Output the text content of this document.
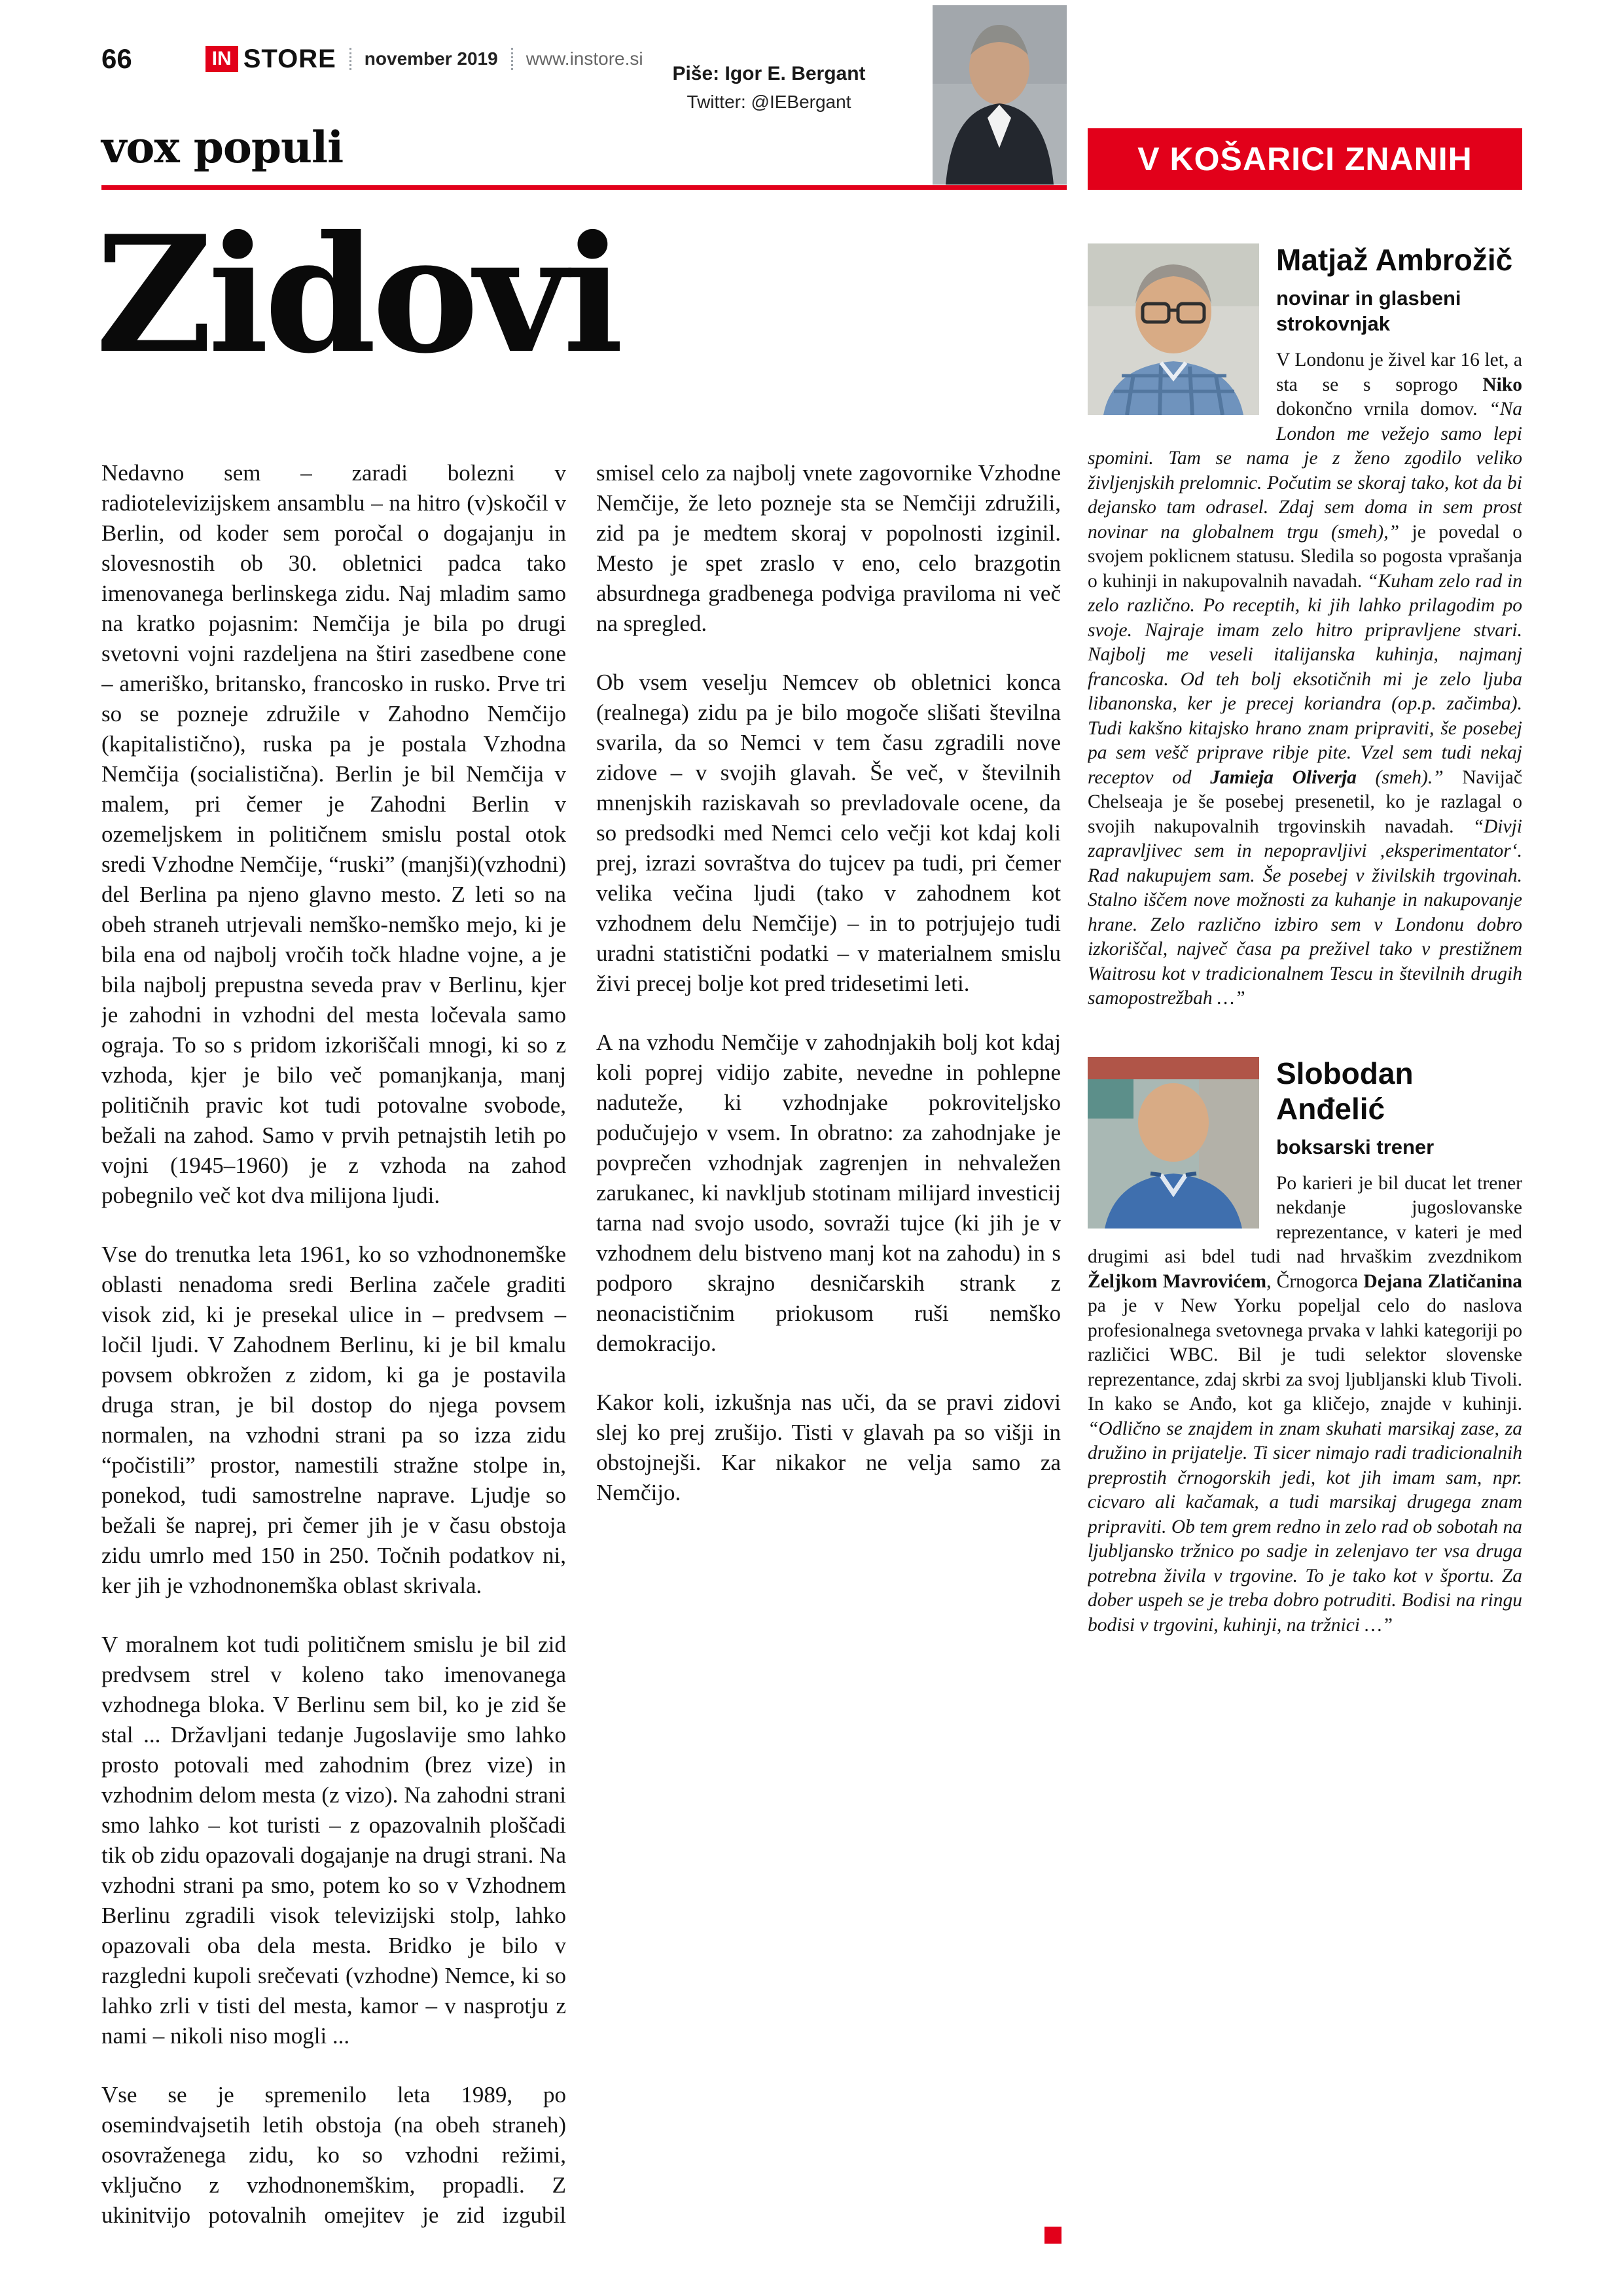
66	IN STORE november 2019 www.instore.si
vox populi
Piše: Igor E. Bergant
Twitter: @IEBergant
V KOŠARICI ZNANIH
Zidovi

Nedavno sem – zaradi bolezni v radiotelevizijskem ansamblu – na hitro (v)skočil v Berlin, od koder sem poročal o dogajanju in slovesnostih ob 30. obletnici padca tako imenovanega berlinskega zidu. Naj mladim samo na kratko pojasnim: Nemčija je bila po drugi svetovni vojni razdeljena na štiri zasedbene cone – ameriško, britansko, francosko in rusko. Prve tri so se pozneje združile v Zahodno Nemčijo (kapitalistično), ruska pa je postala Vzhodna Nemčija (socialistična). Berlin je bil Nemčija v malem, pri čemer je Zahodni Berlin v ozemeljskem in političnem smislu postal otok sredi Vzhodne Nemčije, “ruski” (manjši)(vzhodni) del Berlina pa njeno glavno mesto. Z leti so na obeh straneh utrjevali nemško-nemško mejo, ki je bila ena od najbolj vročih točk hladne vojne, a je bila najbolj prepustna seveda prav v Berlinu, kjer je zahodni in vzhodni del mesta ločevala samo ograja. To so s pridom izkoriščali mnogi, ki so z vzhoda, kjer je bilo več pomanjkanja, manj političnih pravic kot tudi potovalne svobode, bežali na zahod. Samo v prvih petnajstih letih po vojni (1945–1960) je z vzhoda na zahod pobegnilo več kot dva milijona ljudi.

Vse do trenutka leta 1961, ko so vzhodnonemške oblasti nenadoma sredi Berlina začele graditi visok zid, ki je presekal ulice in – predvsem – ločil ljudi. V Zahodnem Berlinu, ki je bil kmalu povsem obkrožen z zidom, ki ga je postavila druga stran, je bil dostop do njega povsem normalen, na vzhodni strani pa so izza zidu “počistili” prostor, namestili stražne stolpe in, ponekod, tudi samostrelne naprave. Ljudje so bežali še naprej, pri čemer jih je v času obstoja zidu umrlo med 150 in 250. Točnih podatkov ni, ker jih je vzhodnonemška oblast skrivala.

V moralnem kot tudi političnem smislu je bil zid predvsem strel v koleno tako imenovanega vzhodnega bloka. V Berlinu sem bil, ko je zid še stal ... Državljani tedanje Jugoslavije smo lahko prosto potovali med zahodnim (brez vize) in vzhodnim delom mesta (z vizo). Na zahodni strani smo lahko – kot turisti – z opazovalnih ploščadi tik ob zidu opazovali dogajanje na drugi strani. Na vzhodni strani pa smo, potem ko so v Vzhodnem Berlinu zgradili visok televizijski stolp, lahko opazovali oba dela mesta. Bridko je bilo v razgledni kupoli srečevati (vzhodne) Nemce, ki so lahko zrli v tisti del mesta, kamor – v nasprotju z nami – nikoli niso mogli ...

Vse se je spremenilo leta 1989, po osemindvajsetih letih obstoja (na obeh straneh) osovraženega zidu, ko so vzhodni režimi, vključno z vzhodnonemškim, propadli. Z ukinitvijo potovalnih omejitev je zid izgubil smisel celo za najbolj vnete zagovornike Vzhodne Nemčije, že leto pozneje sta se Nemčiji združili, zid pa je medtem skoraj v popolnosti izginil. Mesto je spet zraslo v eno, celo brazgotin absurdnega gradbenega podviga praviloma ni več na spregled.

Ob vsem veselju Nemcev ob obletnici konca (realnega) zidu pa je bilo mogoče slišati številna svarila, da so Nemci v tem času zgradili nove zidove – v svojih glavah. Še več, v številnih mnenjskih raziskavah so prevladovale ocene, da so predsodki med Nemci celo večji kot kdaj koli prej, izrazi sovraštva do tujcev pa tudi, pri čemer velika večina ljudi (tako v zahodnem kot vzhodnem delu Nemčije) – in to potrjujejo tudi uradni statistični podatki – v materialnem smislu živi precej bolje kot pred tridesetimi leti.

A na vzhodu Nemčije v zahodnjakih bolj kot kdaj koli poprej vidijo zabite, nevedne in pohlepne naduteže, ki vzhodnjake pokroviteljsko podučujejo v vsem. In obratno: za zahodnjake je povprečen vzhodnjak zagrenjen in nehvaležen zarukanec, ki navkljub stotinam milijard investicij tarna nad svojo usodo, sovraži tujce (ki jih je v vzhodnem delu bistveno manj kot na zahodu) in s podporo skrajno desničarskih strank z neonacističnim priokusom ruši nemško demokracijo.

Kakor koli, izkušnja nas uči, da se pravi zidovi slej ko prej zrušijo. Tisti v glavah pa so višji in obstojnejši. Kar nikakor ne velja samo za Nemčijo.

Matjaž Ambrožič
novinar in glasbeni strokovnjak

V Londonu je živel kar 16 let, a sta se s soprogo Niko dokončno vrnila domov. “Na London me vežejo samo lepi spomini. Tam se nama je z ženo zgodilo veliko življenjskih prelomnic. Počutim se skoraj tako, kot da bi dejansko tam odrasel. Zdaj sem doma in sem prost novinar na globalnem trgu (smeh),” je povedal o svojem poklicnem statusu. Sledila so pogosta vprašanja o kuhinji in nakupovalnih navadah. “Kuham zelo rad in zelo različno. Po receptih, ki jih lahko prilagodim po svoje. Najraje imam zelo hitro pripravljene stvari. Najbolj me veseli italijanska kuhinja, najmanj francoska. Od teh bolj eksotičnih mi je zelo ljuba libanonska, ker je precej koriandra (op.p. začimba). Tudi kakšno kitajsko hrano znam pripraviti, še posebej pa sem vešč priprave ribje pite. Vzel sem tudi nekaj receptov od Jamieja Oliverja (smeh).” Navijač Chelseaja je še posebej presenetil, ko je razlagal o svojih nakupovalnih trgovinskih navadah. “Divji zapravljivec sem in nepopravljivi ‚eksperimentator‘. Rad nakupujem sam. Še posebej v živilskih trgovinah. Stalno iščem nove možnosti za kuhanje in nakupovanje hrane. Zelo različno izbiro sem v Londonu dobro izkoriščal, največ časa pa preživel tako v prestižnem Waitrosu kot v tradicionalnem Tescu in številnih drugih samopostrežbah …”

Slobodan Anđelić
boksarski trener

Po karieri je bil ducat let trener nekdanje jugoslovanske reprezentance, v kateri je med drugimi asi bdel tudi nad hrvaškim zvezdnikom Željkom Mavrovićem, Črnogorca Dejana Zlatičanina pa je v New Yorku popeljal celo do naslova profesionalnega svetovnega prvaka v lahki kategoriji po različici WBC. Bil je tudi selektor slovenske reprezentance, zdaj skrbi za svoj ljubljanski klub Tivoli. In kako se Anđo, kot ga kličejo, znajde v kuhinji. “Odlično se znajdem in znam skuhati marsikaj zase, za družino in prijatelje. Ti sicer nimajo radi tradicionalnih preprostih črnogorskih jedi, kot jih imam sam, npr. cicvaro ali kačamak, a tudi marsikaj drugega znam pripraviti. Ob tem grem redno in zelo rad ob sobotah na ljubljansko tržnico po sadje in zelenjavo ter vsa druga potrebna živila v trgovine. To je tako kot v športu. Za dober uspeh se je treba dobro potruditi. Bodisi na ringu bodisi v trgovini, kuhinji, na tržnici …”
